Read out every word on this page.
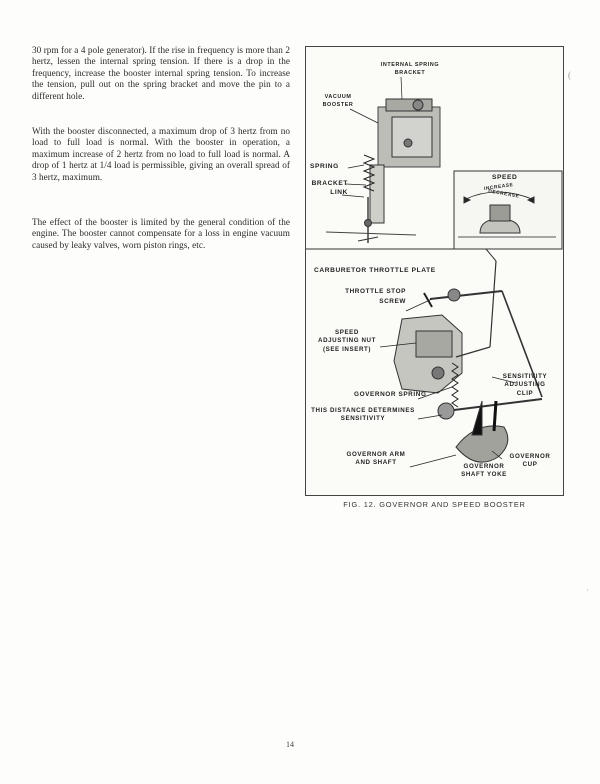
30 rpm for a 4 pole generator). If the rise in frequency is more than 2 hertz, lessen the internal spring tension. If there is a drop in the frequency, increase the booster internal spring tension. To increase the tension, pull out on the spring bracket and move the pin to a different hole.

With the booster disconnected, a maximum drop of 3 hertz from no load to full load is normal. With the booster in operation, a maximum increase of 2 hertz from no load to full load is normal. A drop of 1 hertz at 1/4 load is permissible, giving an overall spread of 3 hertz, maximum.

The effect of the booster is limited by the general condition of the engine. The booster cannot compensate for a loss in engine vacuum caused by leaky valves, worn piston rings, etc.

INTERNAL SPRING BRACKET
VACUUM BOOSTER
SPRING
BRACKET LINK
SPEED
INCREASE
DECREASE
CARBURETOR THROTTLE PLATE
THROTTLE STOP SCREW
SPEED ADJUSTING NUT (SEE INSERT)
SENSITIVITY ADJUSTING CLIP
GOVERNOR SPRING
THIS DISTANCE DETERMINES SENSITIVITY
GOVERNOR ARM AND SHAFT
GOVERNOR CUP
GOVERNOR SHAFT YOKE
FIG. 12. GOVERNOR AND SPEED BOOSTER
14
(
ʾ
